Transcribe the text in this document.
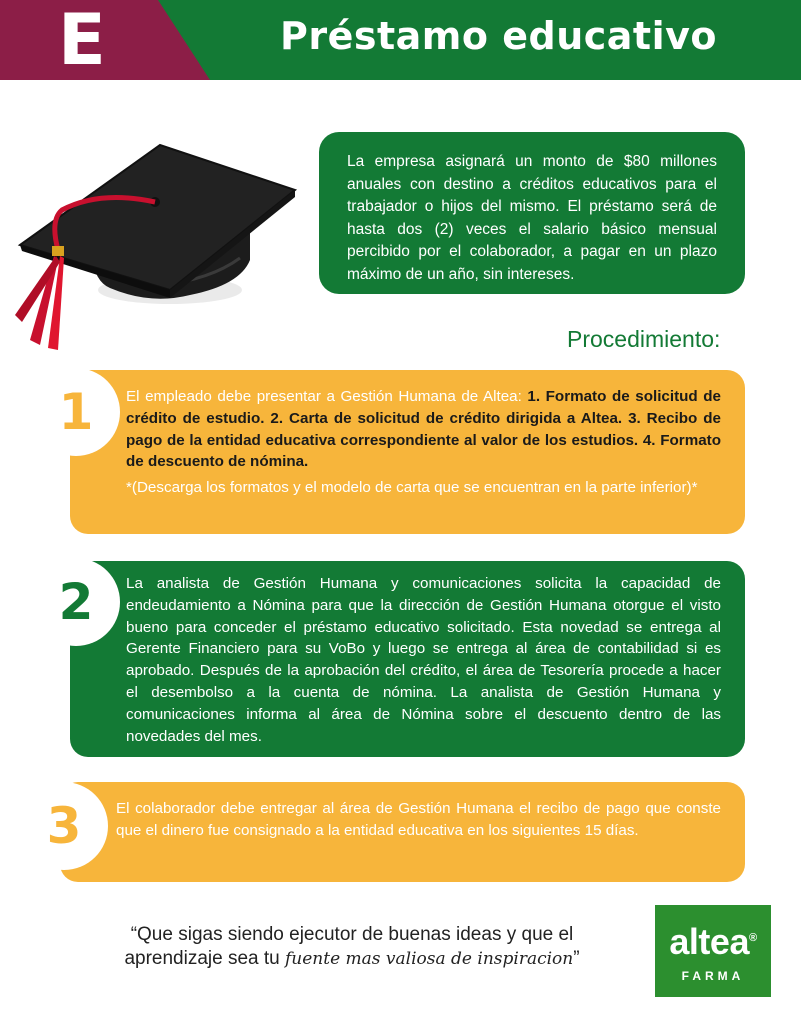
E	Préstamo educativo
La empresa asignará un monto de $80 millones anuales con destino a créditos educativos para el trabajador o hijos del mismo. El préstamo será de hasta dos (2) veces el salario básico mensual percibido por el colaborador, a pagar en un plazo máximo de un año, sin intereses.
Procedimiento:

El empleado debe presentar a Gestión Humana de Altea: 1. Formato de solicitud de crédito de estudio. 2. Carta de solicitud de crédito dirigida a Altea. 3. Recibo de pago de la entidad educativa correspondiente al valor de los estudios. 4. Formato de descuento de nómina.

*(Descarga los formatos y el modelo de carta que se encuentran en la parte inferior)*

1

La analista de Gestión Humana y comunicaciones solicita la capacidad de endeudamiento a Nómina para que la dirección de Gestión Humana otorgue el visto bueno para conceder el préstamo educativo solicitado. Esta novedad se entrega al Gerente Financiero para su VoBo y luego se entrega al área de contabilidad si es aprobado. Después de la aprobación del crédito, el área de Tesorería procede a hacer el desembolso a la cuenta de nómina. La analista de Gestión Humana y comunicaciones informa al área de Nómina sobre el descuento dentro de las novedades del mes.

2

El colaborador debe entregar al área de Gestión Humana el recibo de pago que conste que el dinero fue consignado a la entidad educativa en los siguientes 15 días.

3
“Que sigas siendo ejecutor de buenas ideas y que el
aprendizaje sea tu fuente mas valiosa de inspiracion”	altea®
FARMA
